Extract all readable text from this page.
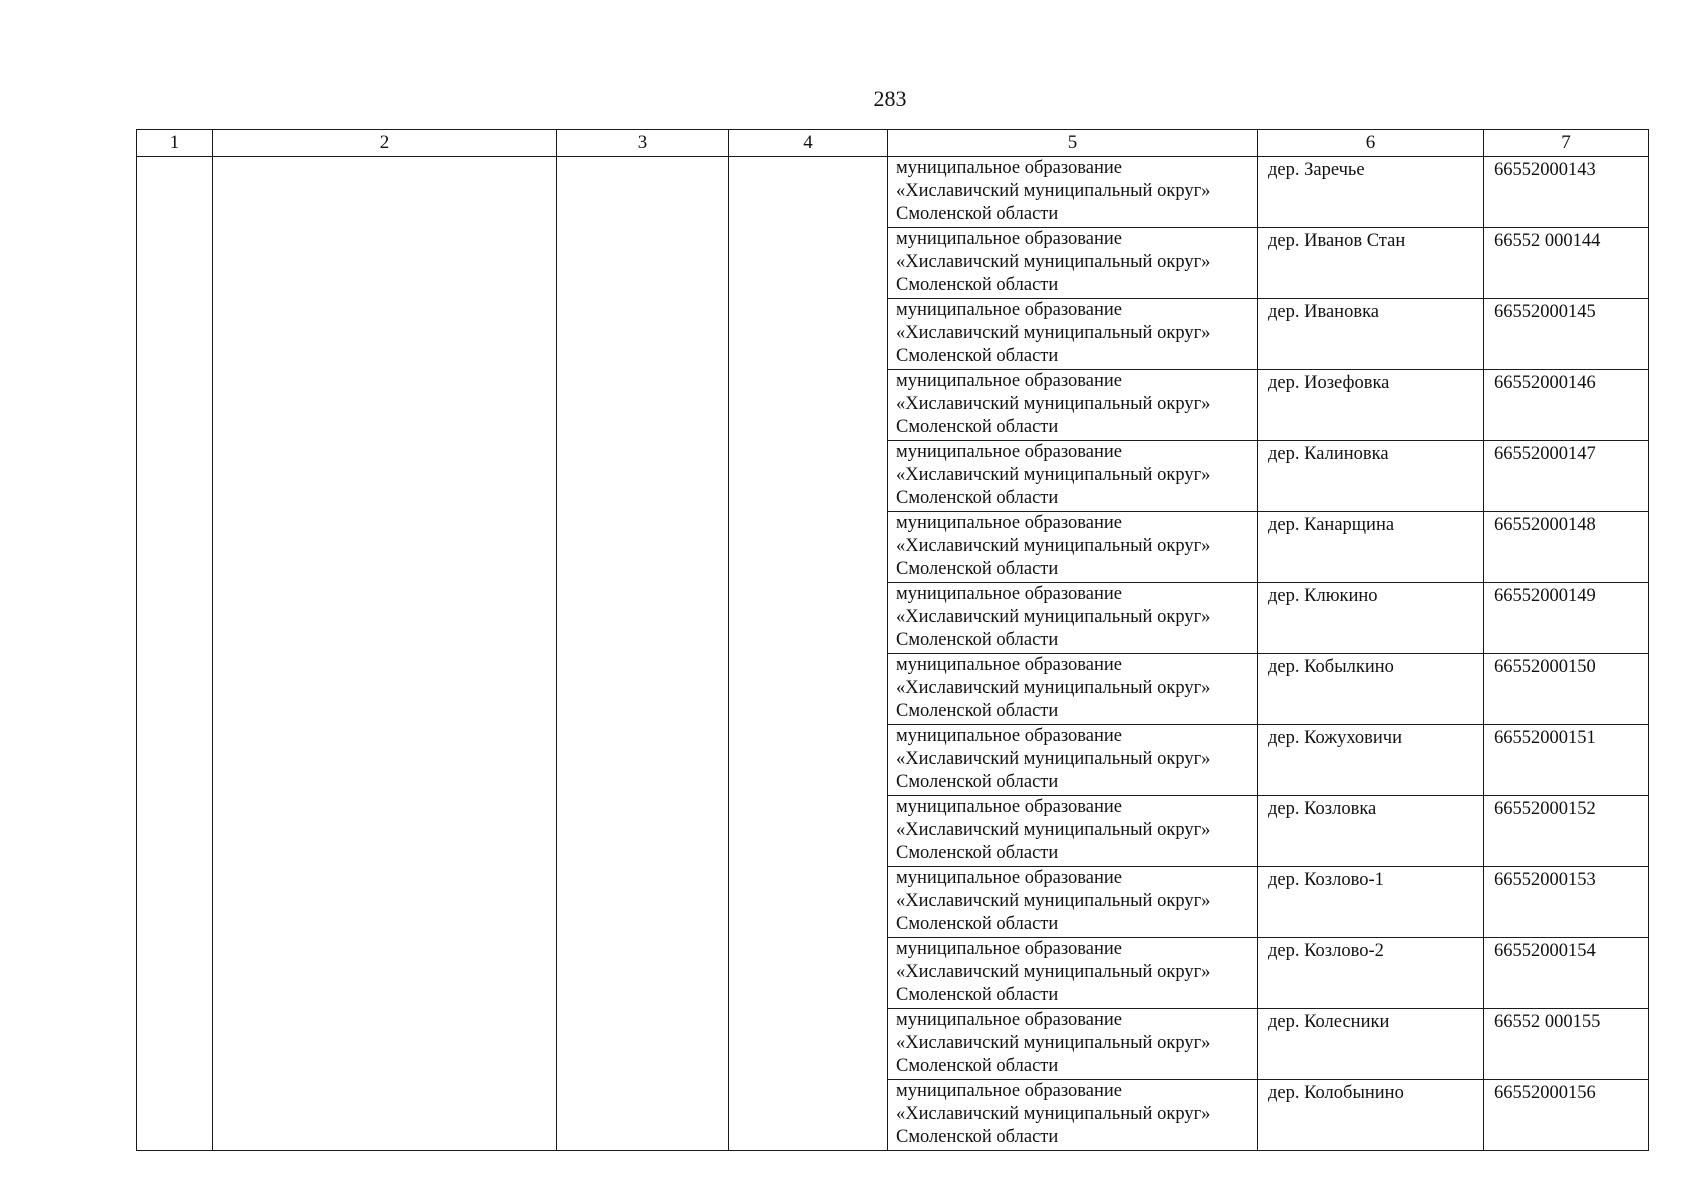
283
1	2	3	4	5	6	7

				муниципальное образование
«Хиславичский муниципальный округ»
Смоленской области	дер. Заречье	66552000143

				муниципальное образование
«Хиславичский муниципальный округ»
Смоленской области	дер. Иванов Стан	66552 000144

				муниципальное образование
«Хиславичский муниципальный округ»
Смоленской области	дер. Ивановка	66552000145

				муниципальное образование
«Хиславичский муниципальный округ»
Смоленской области	дер. Иозефовка	66552000146

				муниципальное образование
«Хиславичский муниципальный округ»
Смоленской области	дер. Калиновка	66552000147

				муниципальное образование
«Хиславичский муниципальный округ»
Смоленской области	дер. Канарщина	66552000148

				муниципальное образование
«Хиславичский муниципальный округ»
Смоленской области	дер. Клюкино	66552000149

				муниципальное образование
«Хиславичский муниципальный округ»
Смоленской области	дер. Кобылкино	66552000150

				муниципальное образование
«Хиславичский муниципальный округ»
Смоленской области	дер. Кожуховичи	66552000151

				муниципальное образование
«Хиславичский муниципальный округ»
Смоленской области	дер. Козловка	66552000152

				муниципальное образование
«Хиславичский муниципальный округ»
Смоленской области	дер. Козлово-1	66552000153

				муниципальное образование
«Хиславичский муниципальный округ»
Смоленской области	дер. Козлово-2	66552000154

				муниципальное образование
«Хиславичский муниципальный округ»
Смоленской области	дер. Колесники	66552 000155

				муниципальное образование
«Хиславичский муниципальный округ»
Смоленской области	дер. Колобынино	66552000156
